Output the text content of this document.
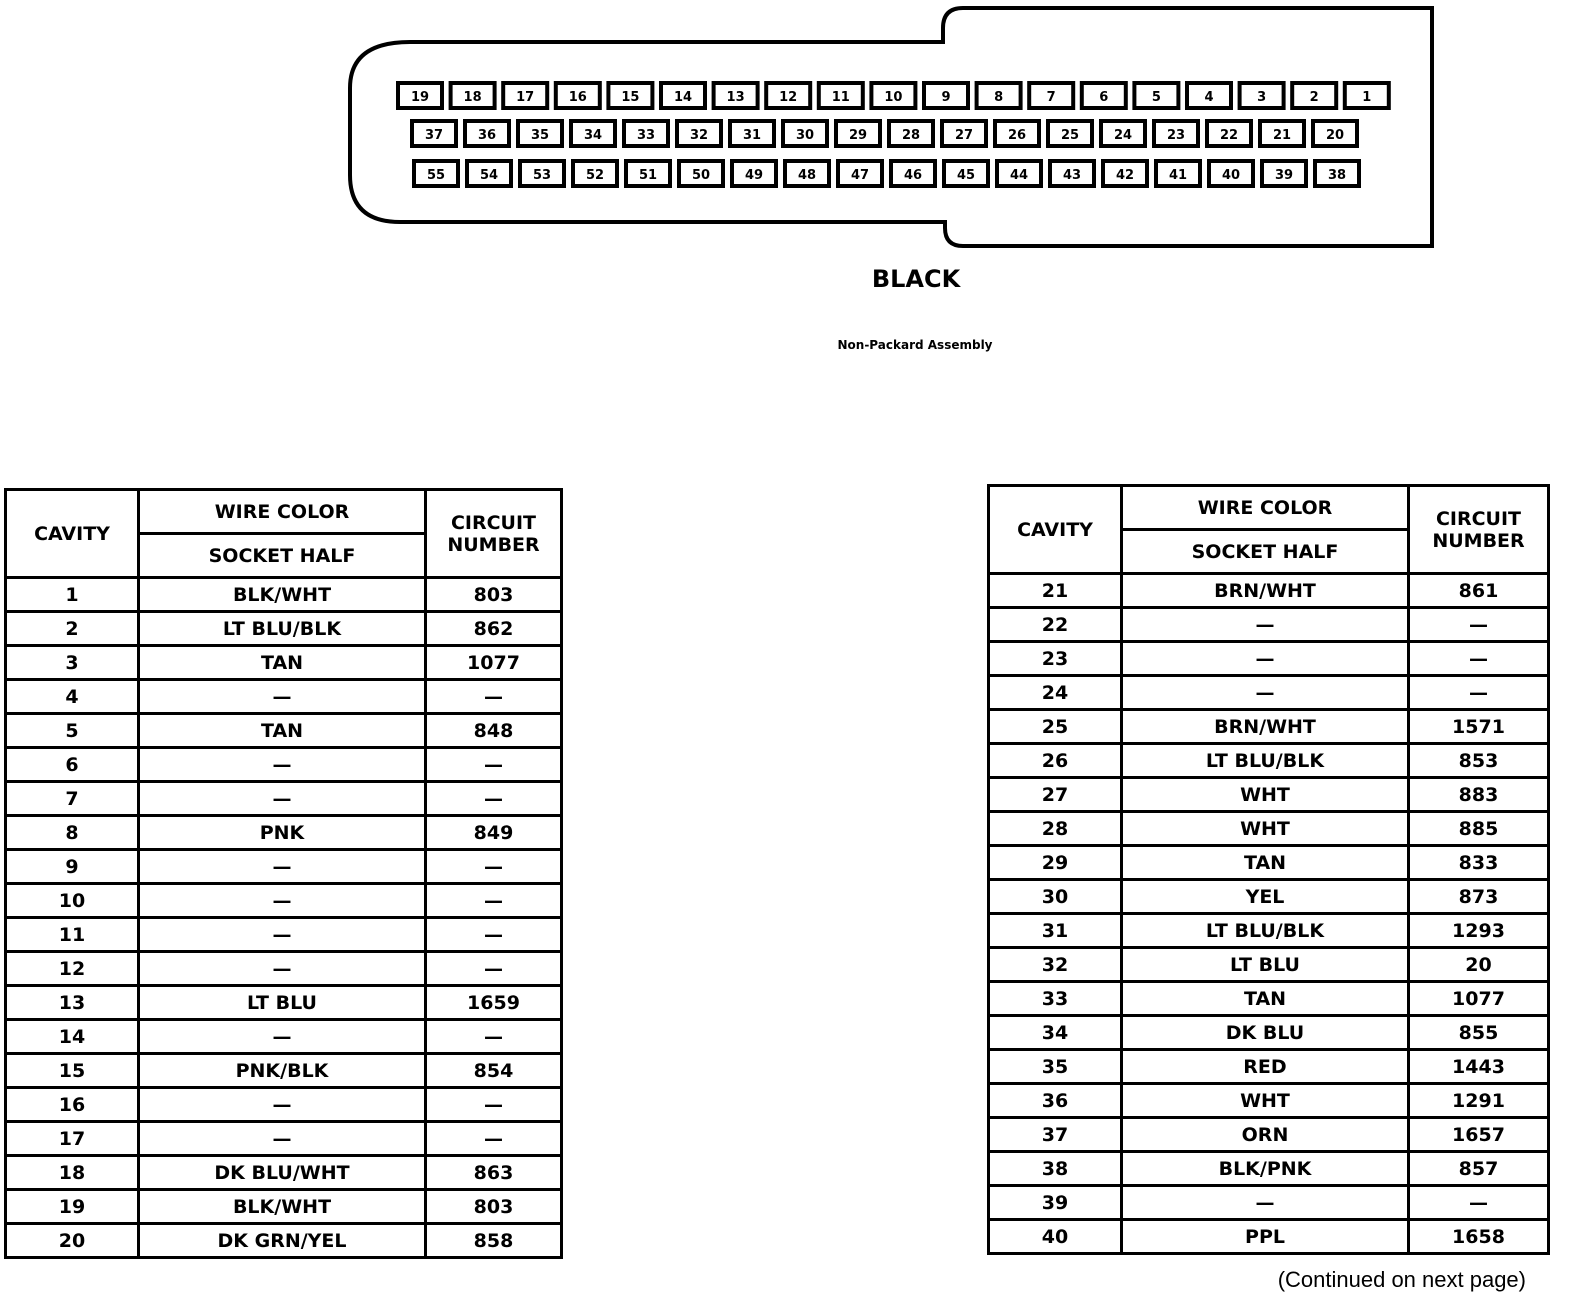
19	18	17	16	15	14	13	12	11	10	9	8	7	6	5	4	3	2	1
37	36	35	34	33	32	31	30	29	28	27	26	25	24	23	22	21	20
55	54	53	52	51	50	49	48	47	46	45	44	43	42	41	40	39	38
BLACK
Non-Packard Assembly
CAVITY	WIRE COLOR	CIRCUIT
NUMBER
	SOCKET HALF	
1	BLK/WHT	803
2	LT BLU/BLK	862
3	TAN	1077
4	—	—
5	TAN	848
6	—	—
7	—	—
8	PNK	849
9	—	—
10	—	—
11	—	—
12	—	—
13	LT BLU	1659
14	—	—
15	PNK/BLK	854
16	—	—
17	—	—
18	DK BLU/WHT	863
19	BLK/WHT	803
20	DK GRN/YEL	858
CAVITY	WIRE COLOR	CIRCUIT
NUMBER
	SOCKET HALF	
21	BRN/WHT	861
22	—	—
23	—	—
24	—	—
25	BRN/WHT	1571
26	LT BLU/BLK	853
27	WHT	883
28	WHT	885
29	TAN	833
30	YEL	873
31	LT BLU/BLK	1293
32	LT BLU	20
33	TAN	1077
34	DK BLU	855
35	RED	1443
36	WHT	1291
37	ORN	1657
38	BLK/PNK	857
39	—	—
40	PPL	1658
(Continued on next page)
